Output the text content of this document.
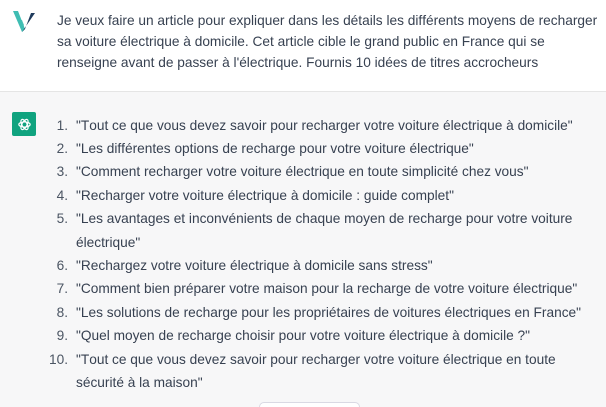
Je veux faire un article pour expliquer dans les détails les différents moyens de recharger sa voiture électrique à domicile. Cet article cible le grand public en France qui se renseigne avant de passer à l'électrique. Fournis 10 idées de titres accrocheurs

1. "Tout ce que vous devez savoir pour recharger votre voiture électrique à domicile"
2. "Les différentes options de recharge pour votre voiture électrique"
3. "Comment recharger votre voiture électrique en toute simplicité chez vous"
4. "Recharger votre voiture électrique à domicile : guide complet"
5. "Les avantages et inconvénients de chaque moyen de recharge pour votre voiture électrique"
6. "Rechargez votre voiture électrique à domicile sans stress"
7. "Comment bien préparer votre maison pour la recharge de votre voiture électrique"
8. "Les solutions de recharge pour les propriétaires de voitures électriques en France"
9. "Quel moyen de recharge choisir pour votre voiture électrique à domicile ?"
10. "Tout ce que vous devez savoir pour recharger votre voiture électrique en toute sécurité à la maison"
